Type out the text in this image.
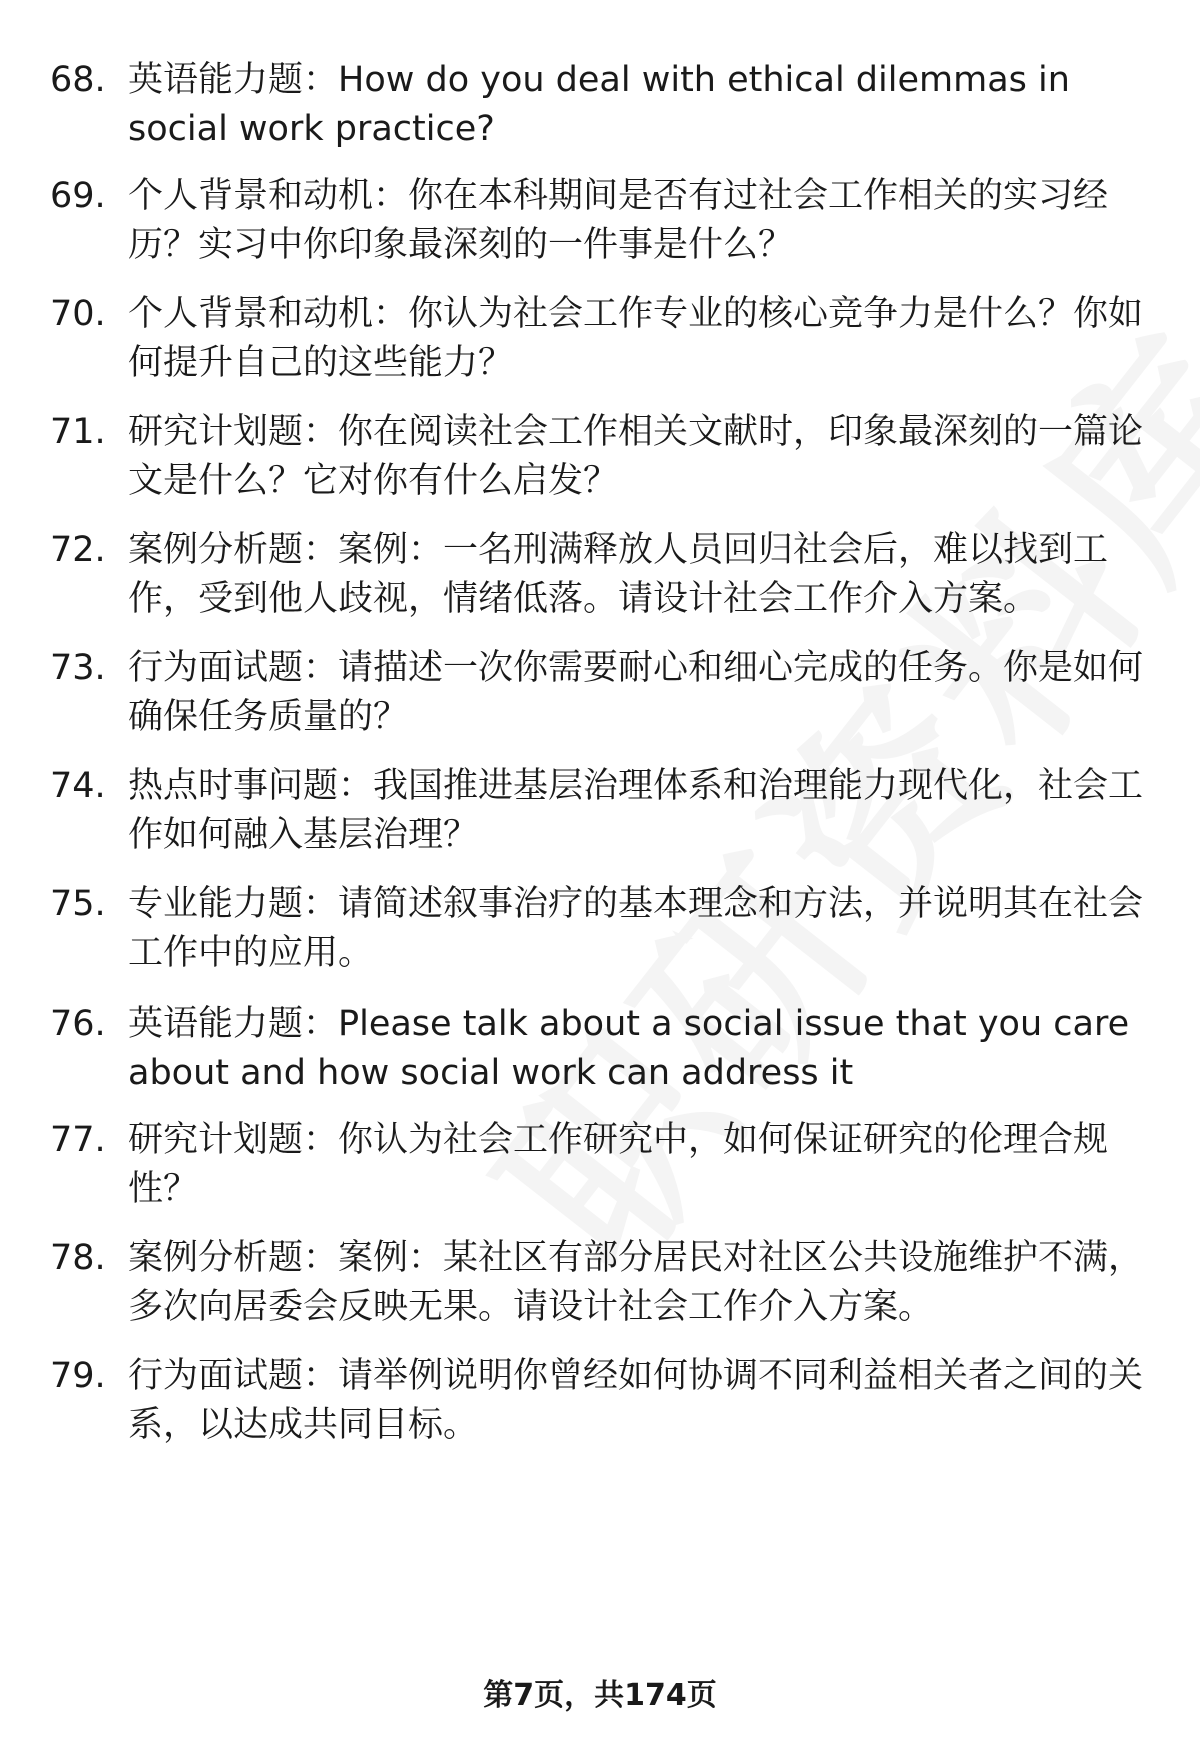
68. 英语能力题：How do you deal with ethical dilemmas in social work practice?
69. 个人背景和动机：你在本科期间是否有过社会工作相关的实习经历？实习中你印象最深刻的一件事是什么？
70. 个人背景和动机：你认为社会工作专业的核心竞争力是什么？你如何提升自己的这些能力？
71. 研究计划题：你在阅读社会工作相关文献时，印象最深刻的一篇论文是什么？它对你有什么启发？
72. 案例分析题：案例：一名刑满释放人员回归社会后，难以找到工作，受到他人歧视，情绪低落。请设计社会工作介入方案。
73. 行为面试题：请描述一次你需要耐心和细心完成的任务。你是如何确保任务质量的？
74. 热点时事问题：我国推进基层治理体系和治理能力现代化，社会工作如何融入基层治理？
75. 专业能力题：请简述叙事治疗的基本理念和方法，并说明其在社会工作中的应用。
76. 英语能力题：Please talk about a social issue that you care about and how social work can address it
77. 研究计划题：你认为社会工作研究中，如何保证研究的伦理合规性？
78. 案例分析题：案例：某社区有部分居民对社区公共设施维护不满，多次向居委会反映无果。请设计社会工作介入方案。
79. 行为面试题：请举例说明你曾经如何协调不同利益相关者之间的关系，以达成共同目标。
第7页，共174页
